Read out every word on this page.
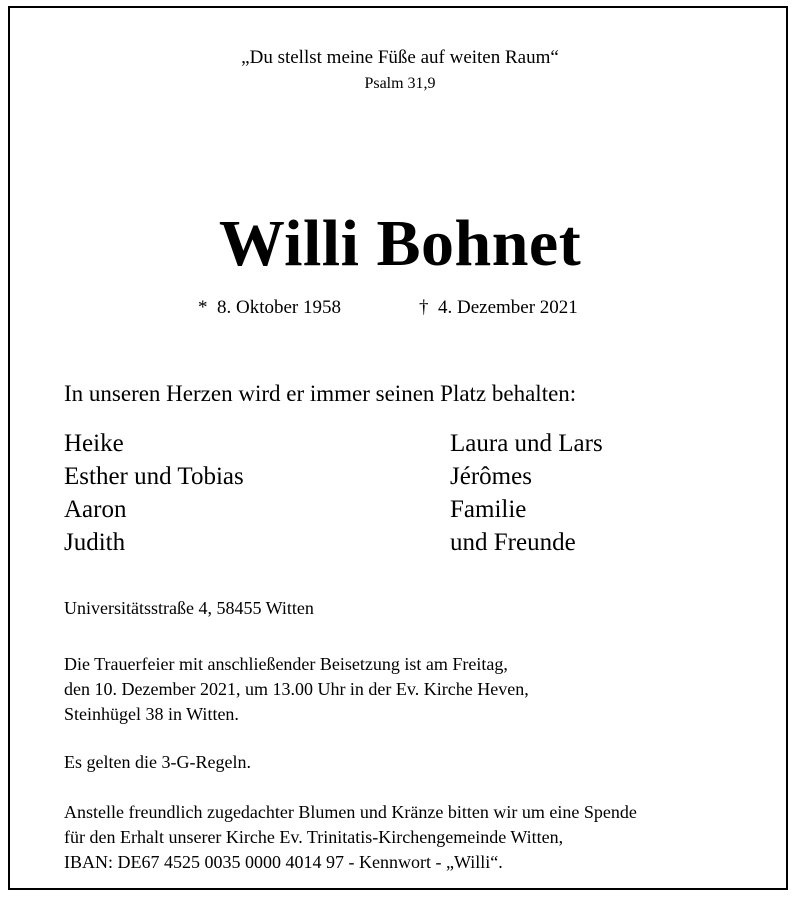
„Du stellst meine Füße auf weiten Raum“
Psalm 31,9
Willi Bohnet
*  8. Oktober 1958	†  4. Dezember 2021
In unseren Herzen wird er immer seinen Platz behalten:
Heike
Esther und Tobias
Aaron
Judith
Laura und Lars
Jérômes
Familie
und Freunde
Universitätsstraße 4, 58455 Witten
Die Trauerfeier mit anschließender Beisetzung ist am Freitag,
den 10. Dezember 2021, um 13.00 Uhr in der Ev. Kirche Heven,
Steinhügel 38 in Witten.
Es gelten die 3-G-Regeln.
Anstelle freundlich zugedachter Blumen und Kränze bitten wir um eine Spende
für den Erhalt unserer Kirche Ev. Trinitatis-Kirchengemeinde Witten,
IBAN: DE67 4525 0035 0000 4014 97 - Kennwort - „Willi“.
